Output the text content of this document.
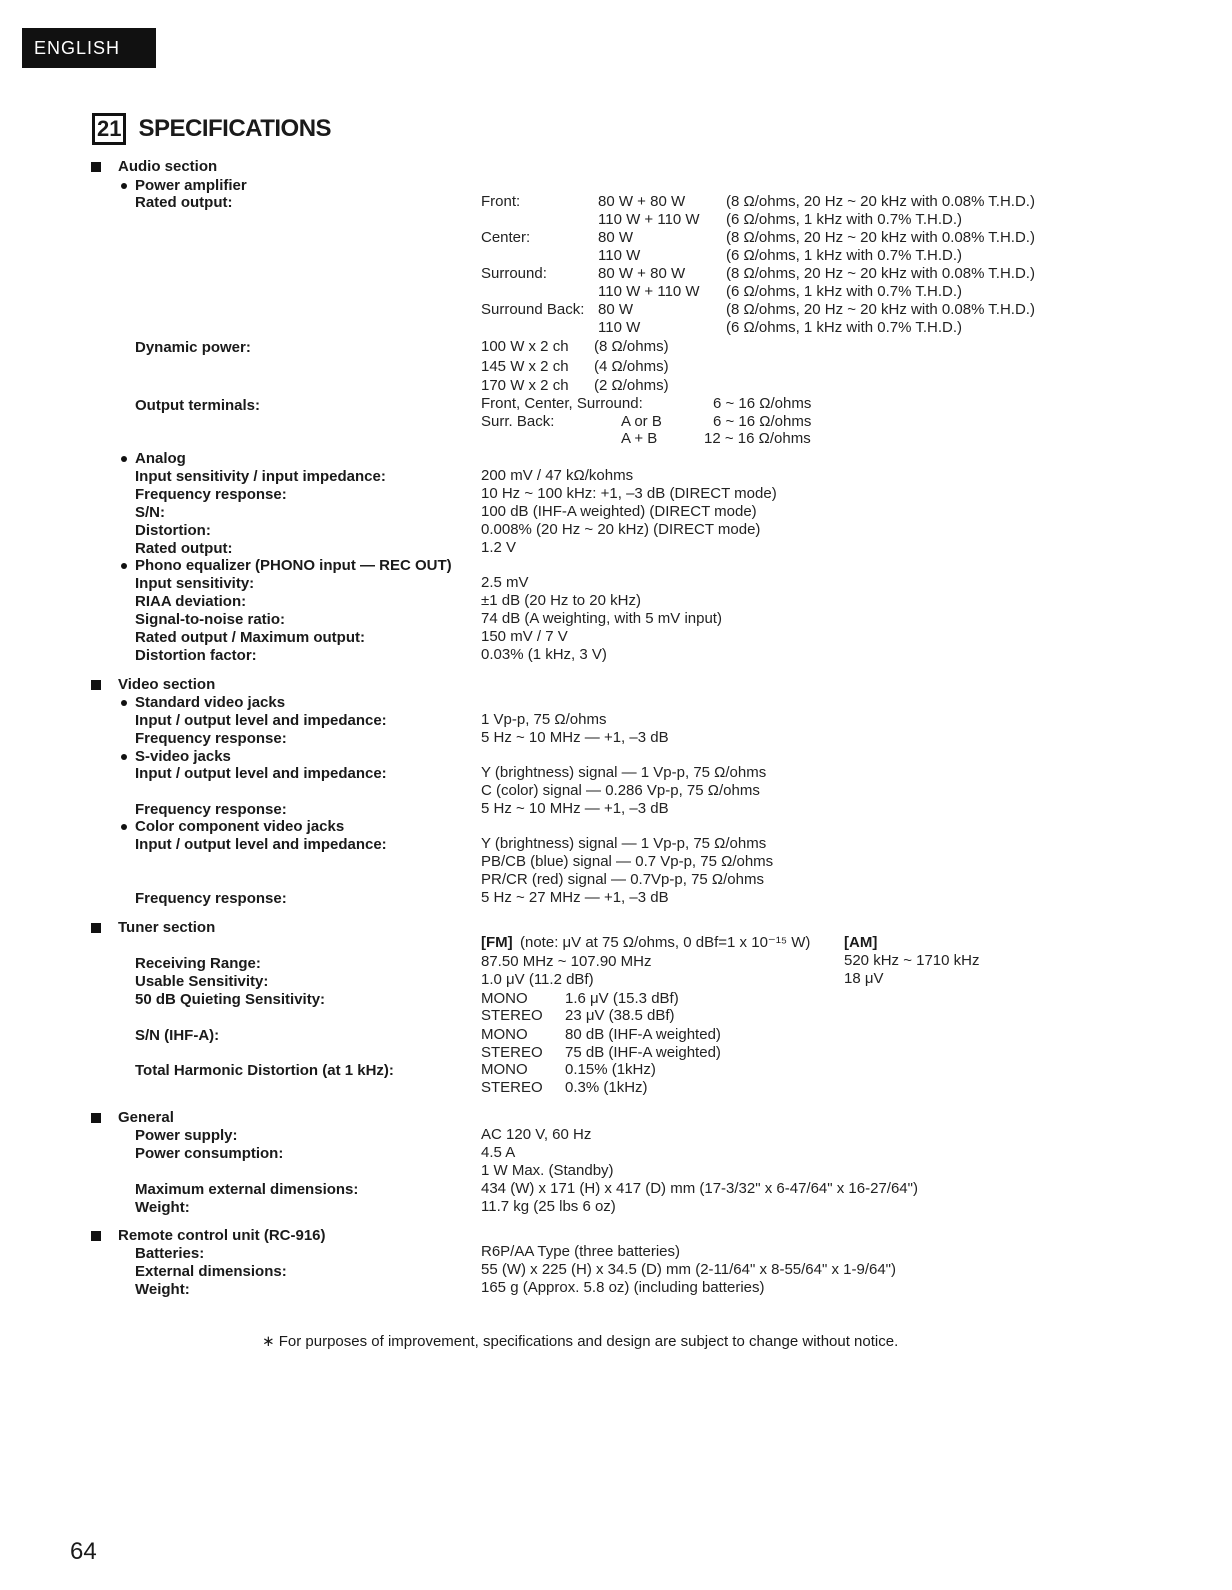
ENGLISH
21 SPECIFICATIONS
Audio section
Power amplifier
Rated output:	Front:	80 W + 80 W	(8 Ω/ohms, 20 Hz ~ 20 kHz with 0.08% T.H.D.)
110 W + 110 W (6 Ω/ohms, 1 kHz with 0.7% T.H.D.)
Center:	80 W	(8 Ω/ohms, 20 Hz ~ 20 kHz with 0.08% T.H.D.)
110 W	(6 Ω/ohms, 1 kHz with 0.7% T.H.D.)
Surround:	80 W + 80 W	(8 Ω/ohms, 20 Hz ~ 20 kHz with 0.08% T.H.D.)
110 W + 110 W (6 Ω/ohms, 1 kHz with 0.7% T.H.D.)
Surround Back: 80 W	(8 Ω/ohms, 20 Hz ~ 20 kHz with 0.08% T.H.D.)
110 W	(6 Ω/ohms, 1 kHz with 0.7% T.H.D.)
Dynamic power:	100 W x 2 ch (8 Ω/ohms)
145 W x 2 ch (4 Ω/ohms)
170 W x 2 ch (2 Ω/ohms)
Output terminals:	Front, Center, Surround:	6 ~ 16 Ω/ohms
Surr. Back:	A or B	6 ~ 16 Ω/ohms
A + B	12 ~ 16 Ω/ohms
Analog
Input sensitivity / input impedance:	200 mV / 47 kΩ/kohms
Frequency response:	10 Hz ~ 100 kHz: +1, –3 dB (DIRECT mode)
S/N:	100 dB (IHF-A weighted) (DIRECT mode)
Distortion:	0.008% (20 Hz ~ 20 kHz) (DIRECT mode)
Rated output:	1.2 V
Phono equalizer (PHONO input — REC OUT)
Input sensitivity:	2.5 mV
RIAA deviation:	±1 dB (20 Hz to 20 kHz)
Signal-to-noise ratio:	74 dB (A weighting, with 5 mV input)
Rated output / Maximum output:	150 mV / 7 V
Distortion factor:	0.03% (1 kHz, 3 V)
Video section
Standard video jacks
Input / output level and impedance:	1 Vp-p, 75 Ω/ohms
Frequency response:	5 Hz ~ 10 MHz — +1, –3 dB
S-video jacks
Input / output level and impedance:	Y (brightness) signal — 1 Vp-p, 75 Ω/ohms
C (color) signal — 0.286 Vp-p, 75 Ω/ohms
Frequency response:	5 Hz ~ 10 MHz — +1, –3 dB
Color component video jacks
Input / output level and impedance:	Y (brightness) signal — 1 Vp-p, 75 Ω/ohms
PB/CB (blue) signal — 0.7 Vp-p, 75 Ω/ohms
PR/CR (red) signal — 0.7Vp-p, 75 Ω/ohms
Frequency response:	5 Hz ~ 27 MHz — +1, –3 dB
Tuner section
[FM] (note: μV at 75 Ω/ohms, 0 dBf=1 x 10⁻¹⁵ W) [AM]
Receiving Range:	87.50 MHz ~ 107.90 MHz	520 kHz ~ 1710 kHz
Usable Sensitivity:	1.0 μV (11.2 dBf)	18 μV
50 dB Quieting Sensitivity:	MONO 1.6 μV (15.3 dBf)
STEREO 23 μV (38.5 dBf)
S/N (IHF-A):	MONO 80 dB (IHF-A weighted)
STEREO 75 dB (IHF-A weighted)
Total Harmonic Distortion (at 1 kHz):	MONO 0.15% (1kHz)
STEREO 0.3% (1kHz)
General
Power supply:	AC 120 V, 60 Hz
Power consumption:	4.5 A
1 W Max. (Standby)
Maximum external dimensions:	434 (W) x 171 (H) x 417 (D) mm (17-3/32" x 6-47/64" x 16-27/64")
Weight:	11.7 kg (25 lbs 6 oz)
Remote control unit (RC-916)
Batteries:	R6P/AA Type (three batteries)
External dimensions:	55 (W) x 225 (H) x 34.5 (D) mm (2-11/64" x 8-55/64" x 1-9/64")
Weight:	165 g (Approx. 5.8 oz) (including batteries)
∗ For purposes of improvement, specifications and design are subject to change without notice.
64
